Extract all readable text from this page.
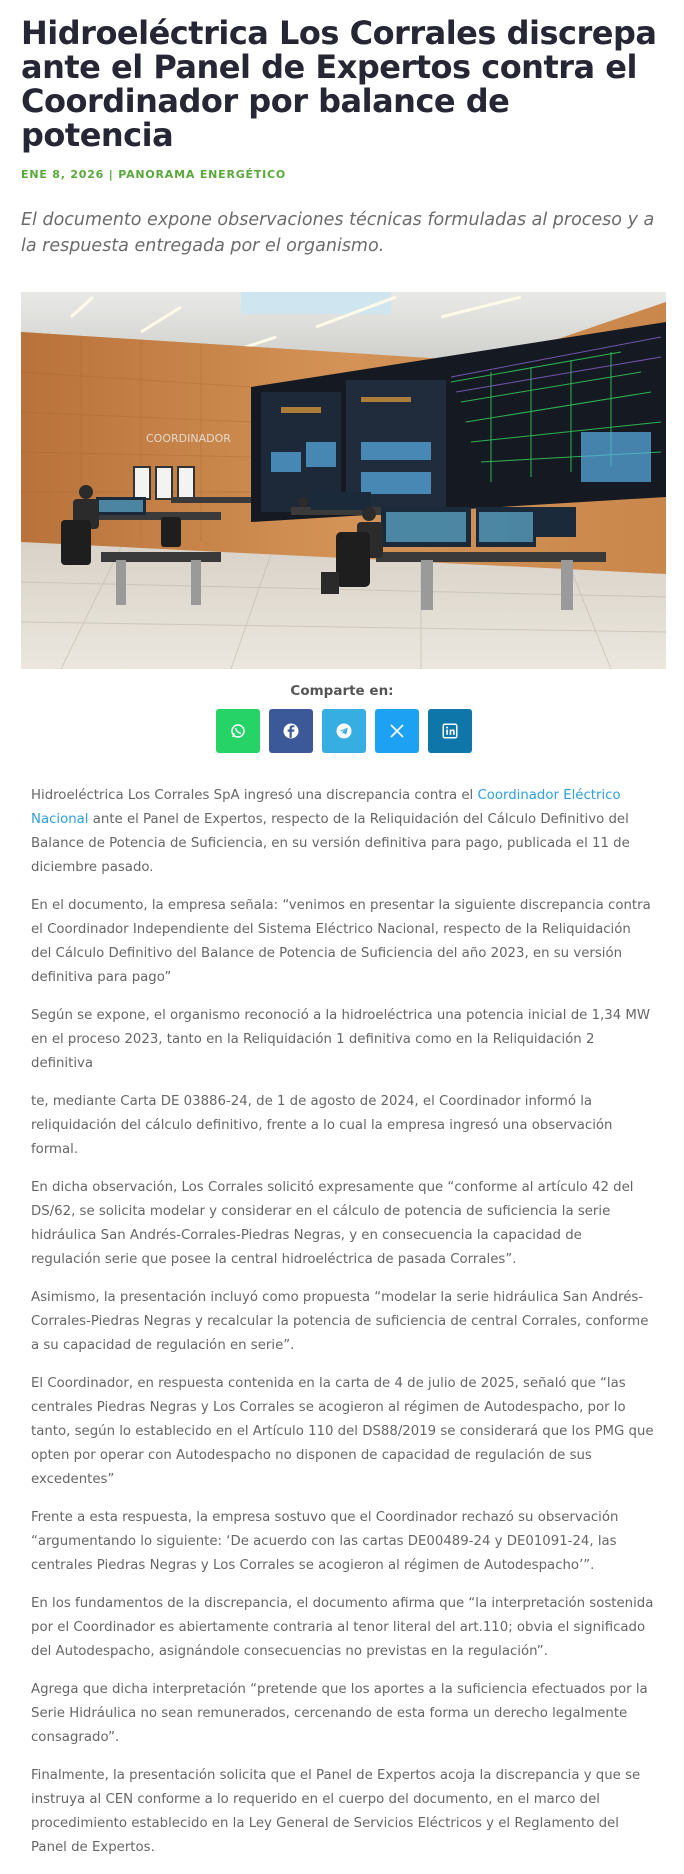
Hidroeléctrica Los Corrales discrepa ante el Panel de Expertos contra el Coordinador por balance de potencia
ENE 8, 2026 | PANORAMA ENERGÉTICO

El documento expone observaciones técnicas formuladas al proceso y a la respuesta entregada por el organismo.

COORDINADOR
Comparte en:

Hidroeléctrica Los Corrales SpA ingresó una discrepancia contra el Coordinador Eléctrico Nacional ante el Panel de Expertos, respecto de la Reliquidación del Cálculo Definitivo del Balance de Potencia de Suficiencia, en su versión definitiva para pago, publicada el 11 de diciembre pasado.

En el documento, la empresa señala: “venimos en presentar la siguiente discrepancia contra el Coordinador Independiente del Sistema Eléctrico Nacional, respecto de la Reliquidación del Cálculo Definitivo del Balance de Potencia de Suficiencia del año 2023, en su versión definitiva para pago”

Según se expone, el organismo reconoció a la hidroeléctrica una potencia inicial de 1,34 MW en el proceso 2023, tanto en la Reliquidación 1 definitiva como en la Reliquidación 2 definitiva

te, mediante Carta DE 03886-24, de 1 de agosto de 2024, el Coordinador informó la reliquidación del cálculo definitivo, frente a lo cual la empresa ingresó una observación formal.

En dicha observación, Los Corrales solicitó expresamente que “conforme al artículo 42 del DS/62, se solicita modelar y considerar en el cálculo de potencia de suficiencia la serie hidráulica San Andrés-Corrales-Piedras Negras, y en consecuencia la capacidad de regulación serie que posee la central hidroeléctrica de pasada Corrales”.

Asimismo, la presentación incluyó como propuesta “modelar la serie hidráulica San Andrés-Corrales-Piedras Negras y recalcular la potencia de suficiencia de central Corrales, conforme a su capacidad de regulación en serie”.

El Coordinador, en respuesta contenida en la carta de 4 de julio de 2025, señaló que “las centrales Piedras Negras y Los Corrales se acogieron al régimen de Autodespacho, por lo tanto, según lo establecido en el Artículo 110 del DS88/2019 se considerará que los PMG que opten por operar con Autodespacho no disponen de capacidad de regulación de sus excedentes”

Frente a esta respuesta, la empresa sostuvo que el Coordinador rechazó su observación “argumentando lo siguiente: ‘De acuerdo con las cartas DE00489-24 y DE01091-24, las centrales Piedras Negras y Los Corrales se acogieron al régimen de Autodespacho’”.

En los fundamentos de la discrepancia, el documento afirma que “la interpretación sostenida por el Coordinador es abiertamente contraria al tenor literal del art.110; obvia el significado del Autodespacho, asignándole consecuencias no previstas en la regulación”.

Agrega que dicha interpretación “pretende que los aportes a la suficiencia efectuados por la Serie Hidráulica no sean remunerados, cercenando de esta forma un derecho legalmente consagrado”.

Finalmente, la presentación solicita que el Panel de Expertos acoja la discrepancia y que se instruya al CEN conforme a lo requerido en el cuerpo del documento, en el marco del procedimiento establecido en la Ley General de Servicios Eléctricos y el Reglamento del Panel de Expertos.
